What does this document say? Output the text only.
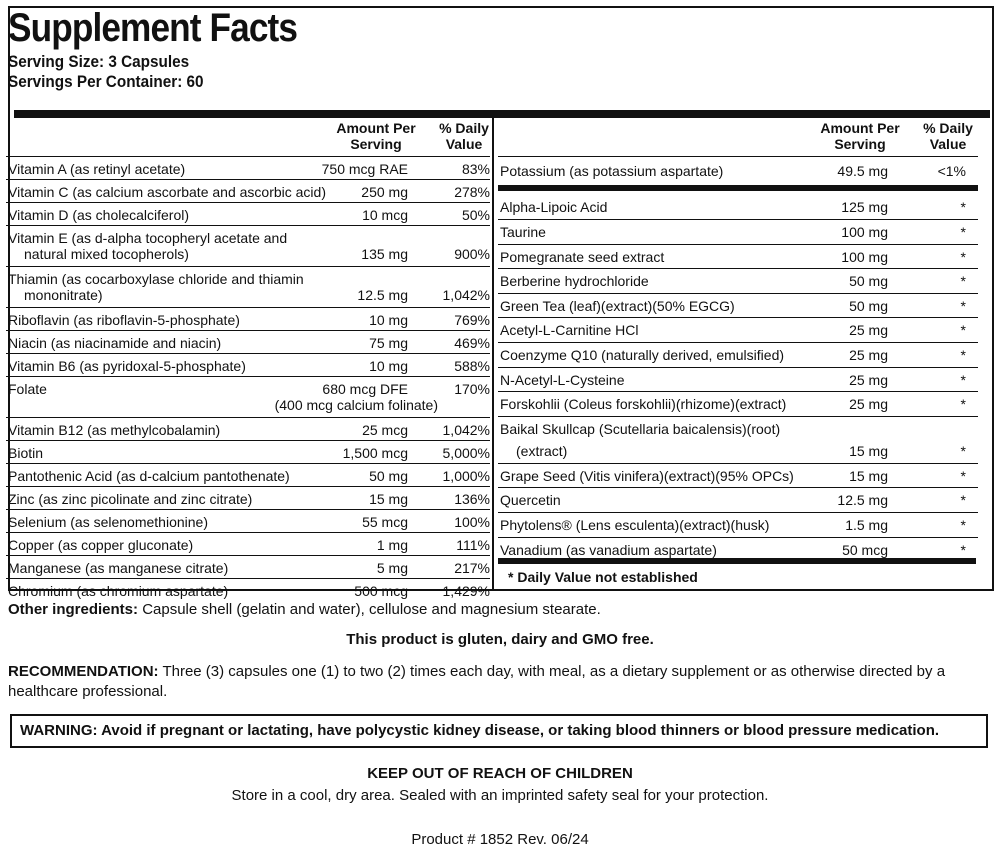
Supplement Facts
Serving Size: 3 Capsules
Servings Per Container: 60
Amount Per Serving
% Daily Value
Vitamin A (as retinyl acetate)	750 mcg RAE	83%
Vitamin C (as calcium ascorbate and ascorbic acid)	250 mg	278%
Vitamin D (as cholecalciferol)	10 mcg	50%
Vitamin E (as d-alpha tocopheryl acetate and
natural mixed tocopherols)	135 mg	900%
Thiamin (as cocarboxylase chloride and thiamin
mononitrate)	12.5 mg 1,042%
Riboflavin (as riboflavin-5-phosphate)	10 mg	769%
Niacin (as niacinamide and niacin)	75 mg	469%
Vitamin B6 (as pyridoxal-5-phosphate)	10 mg	588%
Folate	680 mcg DFE	170%
(400 mcg calcium folinate)
Vitamin B12 (as methylcobalamin)	25 mcg 1,042%
Biotin	1,500 mcg 5,000%
Pantothenic Acid (as d-calcium pantothenate)	50 mg 1,000%
Zinc (as zinc picolinate and zinc citrate)	15 mg	136%
Selenium (as selenomethionine)	55 mcg	100%
Copper (as copper gluconate)	1 mg	111%
Manganese (as manganese citrate)	5 mg	217%
Chromium (as chromium aspartate)	500 mcg 1,429%
Amount Per Serving
% Daily Value
Potassium (as potassium aspartate)	49.5 mg	<1%
Alpha-Lipoic Acid	125 mg	*
Taurine	100 mg	*
Pomegranate seed extract	100 mg	*
Berberine hydrochloride	50 mg	*
Green Tea (leaf)(extract)(50% EGCG)	50 mg	*
Acetyl-L-Carnitine HCl	25 mg	*
Coenzyme Q10 (naturally derived, emulsified)	25 mg	*
N-Acetyl-L-Cysteine	25 mg	*
Forskohlii (Coleus forskohlii)(rhizome)(extract)	25 mg	*
Baikal Skullcap (Scutellaria baicalensis)(root)
(extract)	15 mg	*
Grape Seed (Vitis vinifera)(extract)(95% OPCs)	15 mg	*
Quercetin	12.5 mg	*
Phytolens® (Lens esculenta)(extract)(husk)	1.5 mg	*
Vanadium (as vanadium aspartate)	50 mcg	*
* Daily Value not established
Other ingredients: Capsule shell (gelatin and water), cellulose and magnesium stearate.
This product is gluten, dairy and GMO free.
RECOMMENDATION: Three (3) capsules one (1) to two (2) times each day, with meal, as a dietary supplement or as otherwise directed by a healthcare professional.
WARNING: Avoid if pregnant or lactating, have polycystic kidney disease, or taking blood thinners or blood pressure medication.
KEEP OUT OF REACH OF CHILDREN
Store in a cool, dry area. Sealed with an imprinted safety seal for your protection.
Product # 1852 Rev. 06/24
